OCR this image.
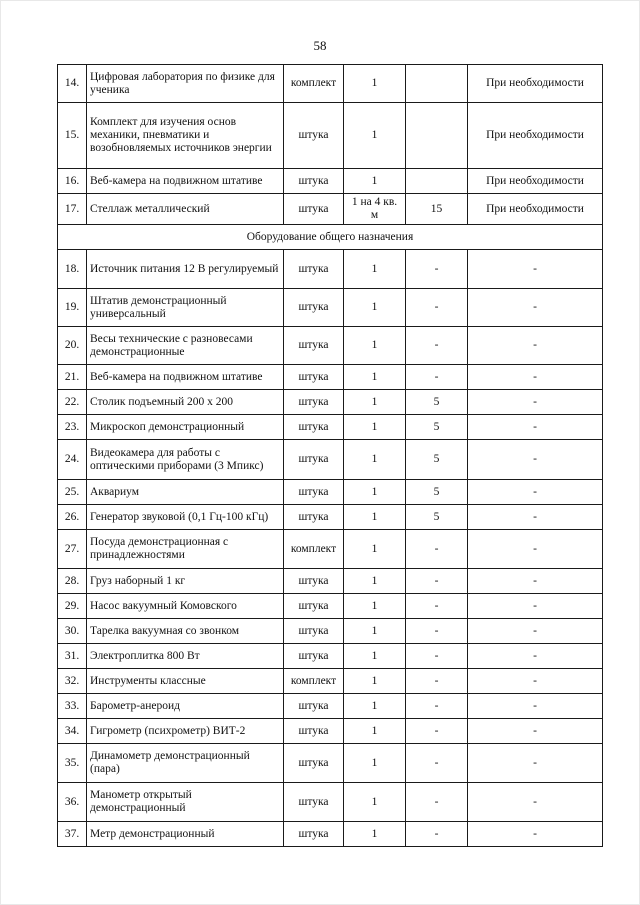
58
14.	Цифровая лаборатория по физике для ученика	комплект	1		При необходимости
15.	Комплект для изучения основ механики, пневматики и возобновляемых источников энергии	штука	1		При необходимости
16.	Веб-камера на подвижном штативе	штука	1		При необходимости
17.	Стеллаж металлический	штука	1 на 4 кв. м	15	При необходимости
Оборудование общего назначения					
18.	Источник питания 12 В регулируемый	штука	1	-	-
19.	Штатив демонстрационный универсальный	штука	1	-	-
20.	Весы технические с разновесами демонстрационные	штука	1	-	-
21.	Веб-камера на подвижном штативе	штука	1	-	-
22.	Столик подъемный 200 х 200	штука	1	5	-
23.	Микроскоп демонстрационный	штука	1	5	-
24.	Видеокамера для работы с оптическими приборами (3 Мпикс)	штука	1	5	-
25.	Аквариум	штука	1	5	-
26.	Генератор звуковой (0,1 Гц-100 кГц)	штука	1	5	-
27.	Посуда демонстрационная с принадлежностями	комплект	1	-	-
28.	Груз наборный 1 кг	штука	1	-	-
29.	Насос вакуумный Комовского	штука	1	-	-
30.	Тарелка вакуумная со звонком	штука	1	-	-
31.	Электроплитка 800 Вт	штука	1	-	-
32.	Инструменты классные	комплект	1	-	-
33.	Барометр-анероид	штука	1	-	-
34.	Гигрометр (психрометр) ВИТ-2	штука	1	-	-
35.	Динамометр демонстрационный (пара)	штука	1	-	-
36.	Манометр открытый демонстрационный	штука	1	-	-
37.	Метр демонстрационный	штука	1	-	-
